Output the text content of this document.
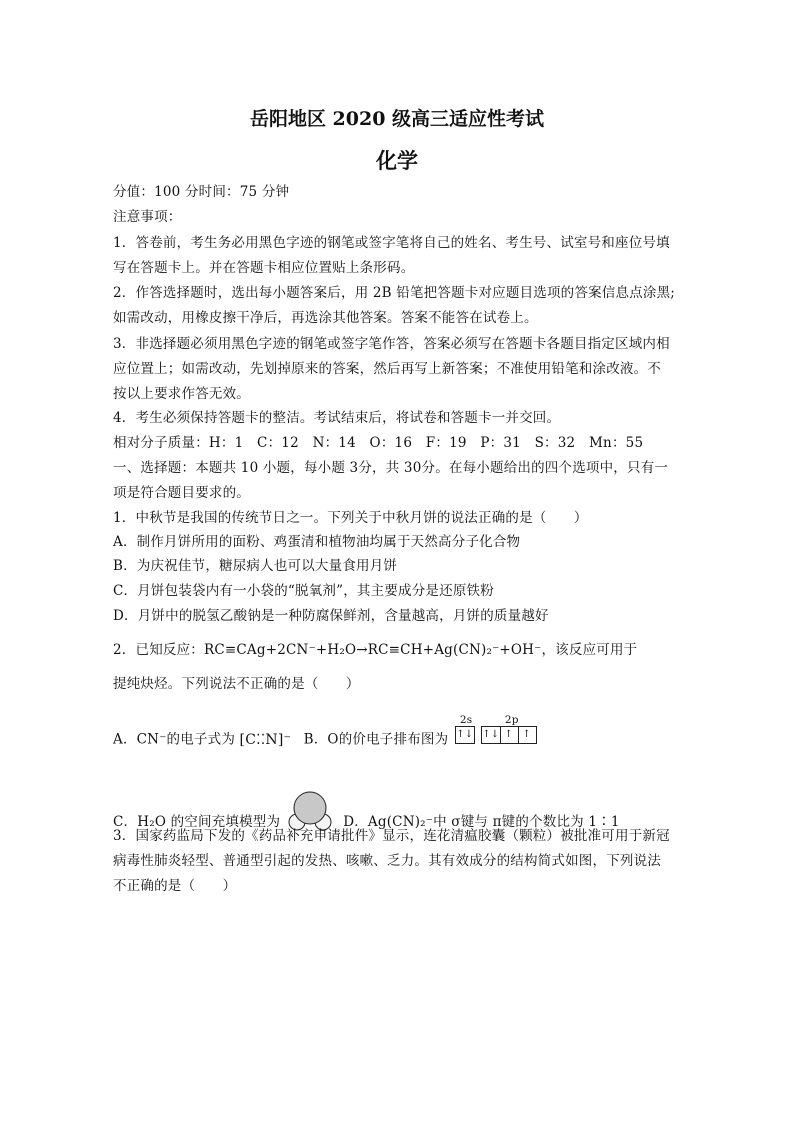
岳阳地区 2020 级高三适应性考试
化学
分值：100 分时间：75 分钟
注意事项：
1．答卷前，考生务必用黑色字迹的钢笔或签字笔将自己的姓名、考生号、试室号和座位号填
写在答题卡上。并在答题卡相应位置贴上条形码。
2．作答选择题时，选出每小题答案后，用 2B 铅笔把答题卡对应题目选项的答案信息点涂黑;
如需改动，用橡皮擦干净后，再选涂其他答案。答案不能答在试卷上。
3．非选择题必须用黑色字迹的钢笔或签字笔作答，答案必须写在答题卡各题目指定区域内相
应位置上；如需改动，先划掉原来的答案，然后再写上新答案；不准使用铅笔和涂改液。不
按以上要求作答无效。
4．考生必须保持答题卡的整洁。考试结束后，将试卷和答题卡一并交回。
相对分子质量：H：1　C：12　N：14　O：16　F：19　P：31　S：32　Mn：55
一、选择题：本题共 10 小题，每小题 3分，共 30分。在每小题给出的四个选项中，只有一
项是符合题目要求的。
1．中秋节是我国的传统节日之一。下列关于中秋月饼的说法正确的是（　　）
A．制作月饼所用的面粉、鸡蛋清和植物油均属于天然高分子化合物
B．为庆祝佳节，糖尿病人也可以大量食用月饼
C．月饼包装袋内有一小袋的“脱氧剂”，其主要成分是还原铁粉
D．月饼中的脱氢乙酸钠是一种防腐保鲜剂，含量越高，月饼的质量越好
2．已知反应：RC≡CAg+2CN⁻+H₂O→RC≡CH+Ag(CN)₂⁻+OH⁻，该反应可用于
提纯炔烃。下列说法不正确的是（　　）
A．CN⁻的电子式为 [C⁚⁚N]⁻ B．O的价电子排布图为
2s	2p
↑↓ ↑↓ ↑ ↑
C．H₂O 的空间充填模型为	D．Ag(CN)₂⁻中 σ键与 π键的个数比为 1∶1
3．国家药监局下发的《药品补充申请批件》显示，连花清瘟胶囊（颗粒）被批准可用于新冠
病毒性肺炎轻型、普通型引起的发热、咳嗽、乏力。其有效成分的结构简式如图，下列说法
不正确的是（　　）
